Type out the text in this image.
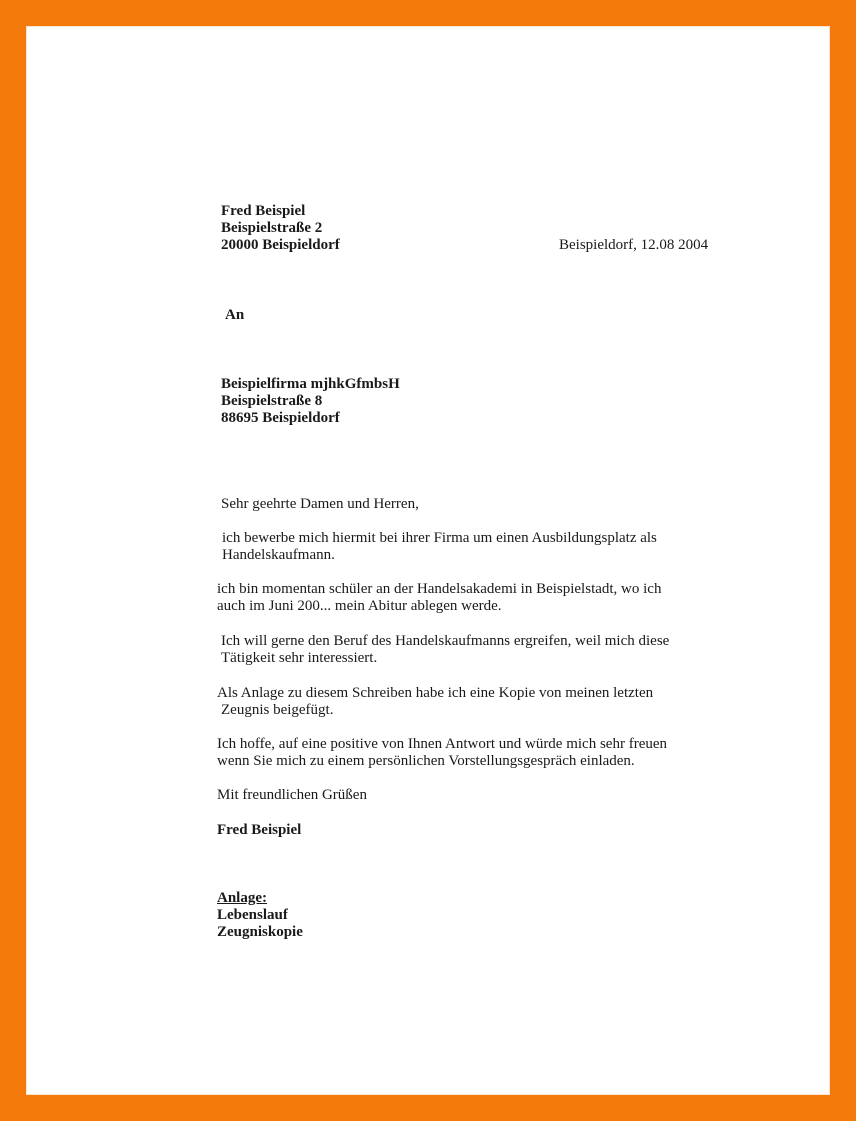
Fred Beispiel
Beispielstraße 2
20000 Beispieldorf	Beispieldorf, 12.08 2004
An
Beispielfirma mjhkGfmbsH
Beispielstraße 8
88695 Beispieldorf
Sehr geehrte Damen und Herren,
ich bewerbe mich hiermit bei ihrer Firma um einen Ausbildungsplatz als
Handelskaufmann.
ich bin momentan schüler an der Handelsakademi in Beispielstadt, wo ich
auch im Juni 200... mein Abitur ablegen werde.
Ich will gerne den Beruf des Handelskaufmanns ergreifen, weil mich diese
Tätigkeit sehr interessiert.
Als Anlage zu diesem Schreiben habe ich eine Kopie von meinen letzten
Zeugnis beigefügt.
Ich hoffe, auf eine positive von Ihnen Antwort und würde mich sehr freuen
wenn Sie mich zu einem persönlichen Vorstellungsgespräch einladen.
Mit freundlichen Grüßen
Fred Beispiel
Anlage:
Lebenslauf
Zeugniskopie
